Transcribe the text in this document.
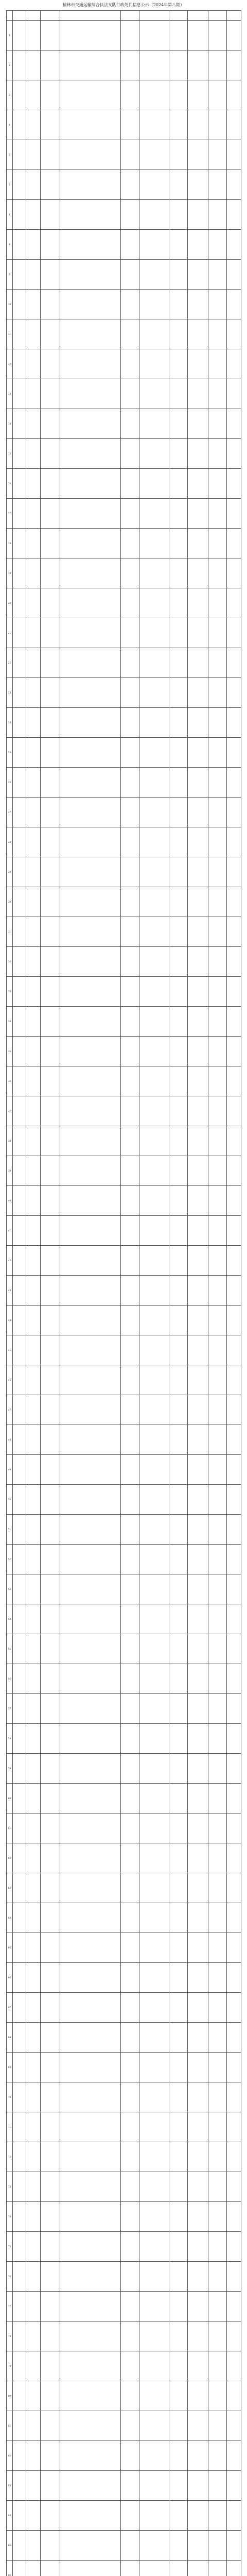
榆林市交通运输综合执法支队行政处罚信息公示（2024年第八期）

1										
2										
3										
4										
5										
6										
7										
8										
9										
10										
11										
12										
13										
14										
15										
16										
17										
18										
19										
20										
21										
22										
23										
24										
25										
26										
27										
28										
29										
30										
31										
32										
33										
34										
35										
36										
37										
38										
39										
40										
41										
42										
43										
44										
45										
46										
47										
48										
49										
50										
51										
52										
53										
54										
55										
56										
57										
58										
59										
60										
61										
62										
63										
64										
65										
66										
67										
68										
69										
70										
71										
72										
73										
74										
75										
76										
77										
78										
79										
80										
81										
82										
83										
84										
85										
86										
